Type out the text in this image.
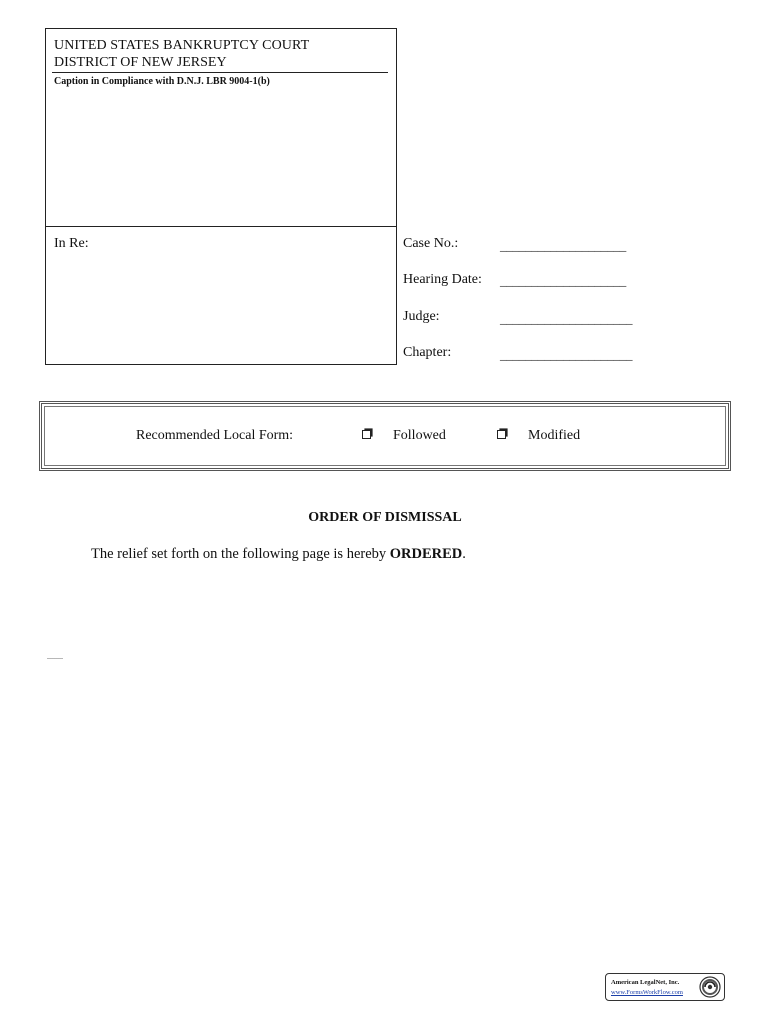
UNITED STATES BANKRUPTCY COURT
DISTRICT OF NEW JERSEY
Caption in Compliance with D.N.J. LBR 9004-1(b)
In Re:	Case No.:	____________________
Hearing Date: ____________________
Judge:	_____________________
Chapter:	_____________________
Recommended Local Form:	Followed	Modified
ORDER OF DISMISSAL
The relief set forth on the following page is hereby ORDERED.
........
American LegalNet, Inc.
www.FormsWorkFlow.com
